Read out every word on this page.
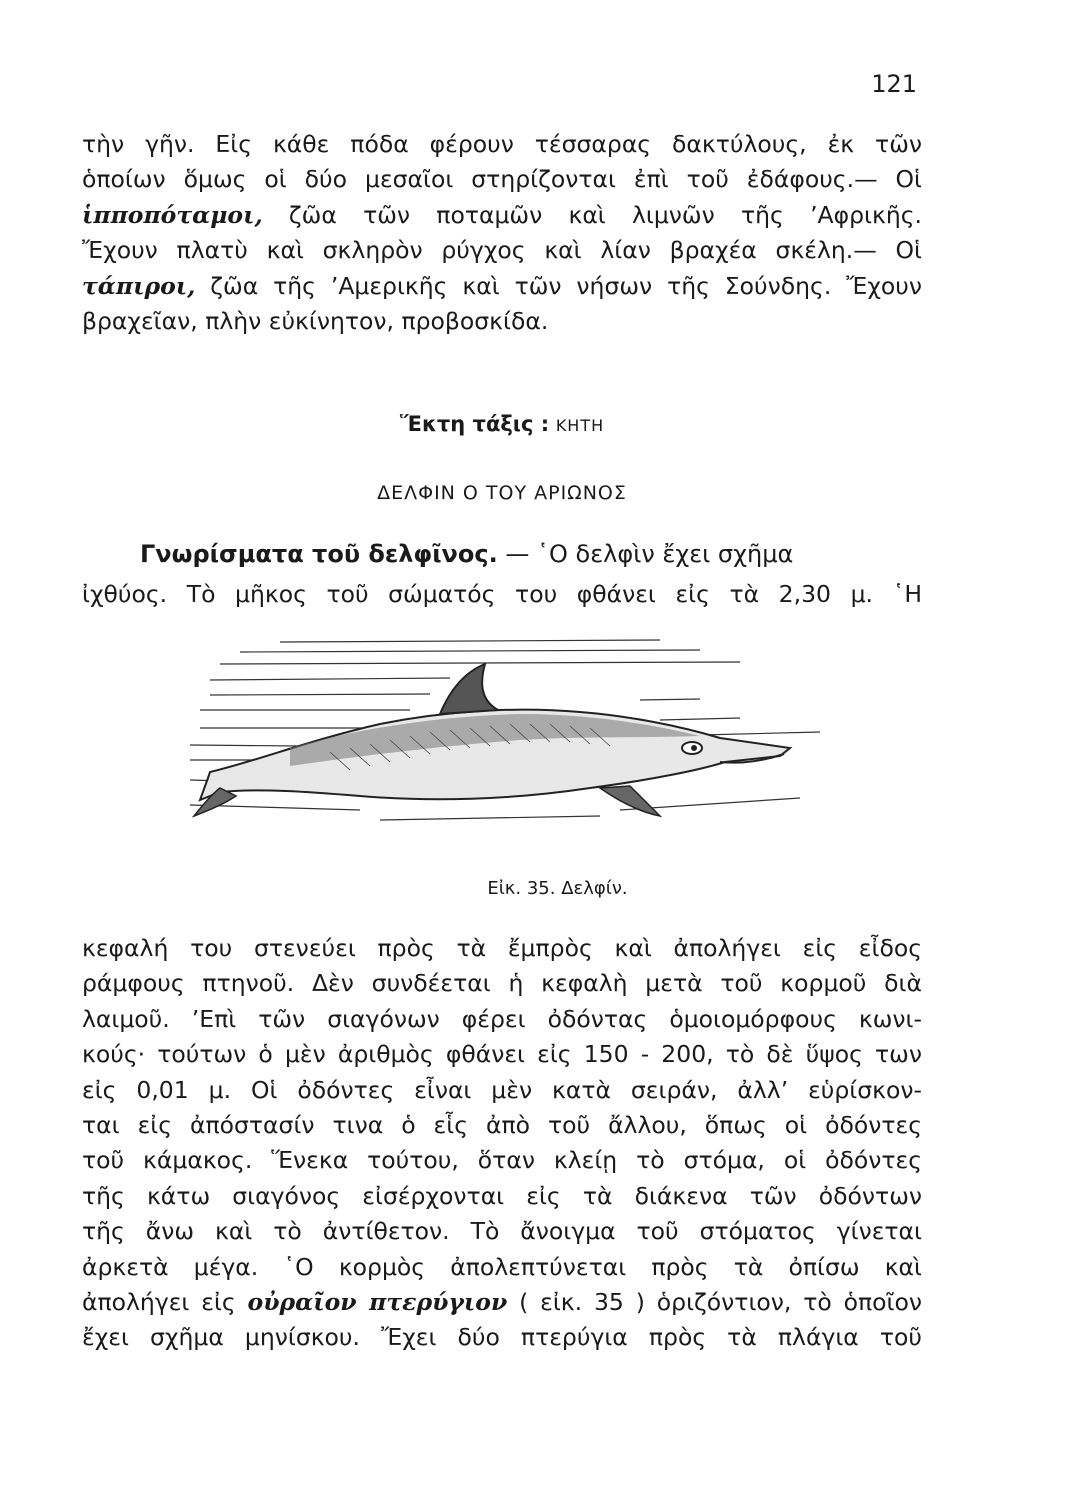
121
τὴν γῆν. Εἰς κάθε πόδα φέρουν τέσσαρας δακτύλους, ἐκ τῶν
ὁποίων ὅμως οἱ δύο μεσαῖοι στηρίζονται ἐπὶ τοῦ ἐδάφους.— Οἱ
ἱπποπόταμοι, ζῶα τῶν ποταμῶν καὶ λιμνῶν τῆς ’Αφρικῆς.
Ἔχουν πλατὺ καὶ σκληρὸν ρύγχος καὶ λίαν βραχέα σκέλη.— Οἱ
τάπιροι, ζῶα τῆς ’Αμερικῆς καὶ τῶν νήσων τῆς Σούνδης. Ἔχουν
βραχεῖαν, πλὴν εὐκίνητον, προβοσκίδα.
Ἕκτη τάξις : ΚΗΤΗ
ΔΕΛΦΙΝ Ο ΤΟΥ ΑΡΙΩΝΟΣ
Γνωρίσματα τοῦ δελφῖνος. — ῾Ο δελφὶν ἔχει σχῆμα
ἰχθύος. Τὸ μῆκος τοῦ σώματός του φθάνει εἰς τὰ 2,30 μ. ῾Η
Εἰκ. 35. Δελφίν.
κεφαλή του στενεύει πρὸς τὰ ἔμπρὸς καὶ ἀπολήγει εἰς εἶδος
ράμφους πτηνοῦ. Δὲν συνδέεται ἡ κεφαλὴ μετὰ τοῦ κορμοῦ διὰ
λαιμοῦ. ’Επὶ τῶν σιαγόνων φέρει ὀδόντας ὁμοιομόρφους κωνι-
κούς· τούτων ὁ μὲν ἀριθμὸς φθάνει εἰς 150 - 200, τὸ δὲ ὕψος των
εἰς 0,01 μ. Οἱ ὀδόντες εἶναι μὲν κατὰ σειράν, ἀλλ’ εὑρίσκον-
ται εἰς ἀπόστασίν τινα ὁ εἷς ἀπὸ τοῦ ἄλλου, ὅπως οἱ ὀδόντες
τοῦ κάμακος. Ἕνεκα τούτου, ὅταν κλείῃ τὸ στόμα, οἱ ὀδόντες
τῆς κάτω σιαγόνος εἰσέρχονται εἰς τὰ διάκενα τῶν ὀδόντων
τῆς ἄνω καὶ τὸ ἀντίθετον. Τὸ ἄνοιγμα τοῦ στόματος γίνεται
ἀρκετὰ μέγα. ῾Ο κορμὸς ἀπολεπτύνεται πρὸς τὰ ὀπίσω καὶ
ἀπολήγει εἰς οὐραῖον πτερύγιον ( εἰκ. 35 ) ὁριζόντιον, τὸ ὁποῖον
ἔχει σχῆμα μηνίσκου. Ἔχει δύο πτερύγια πρὸς τὰ πλάγια τοῦ
